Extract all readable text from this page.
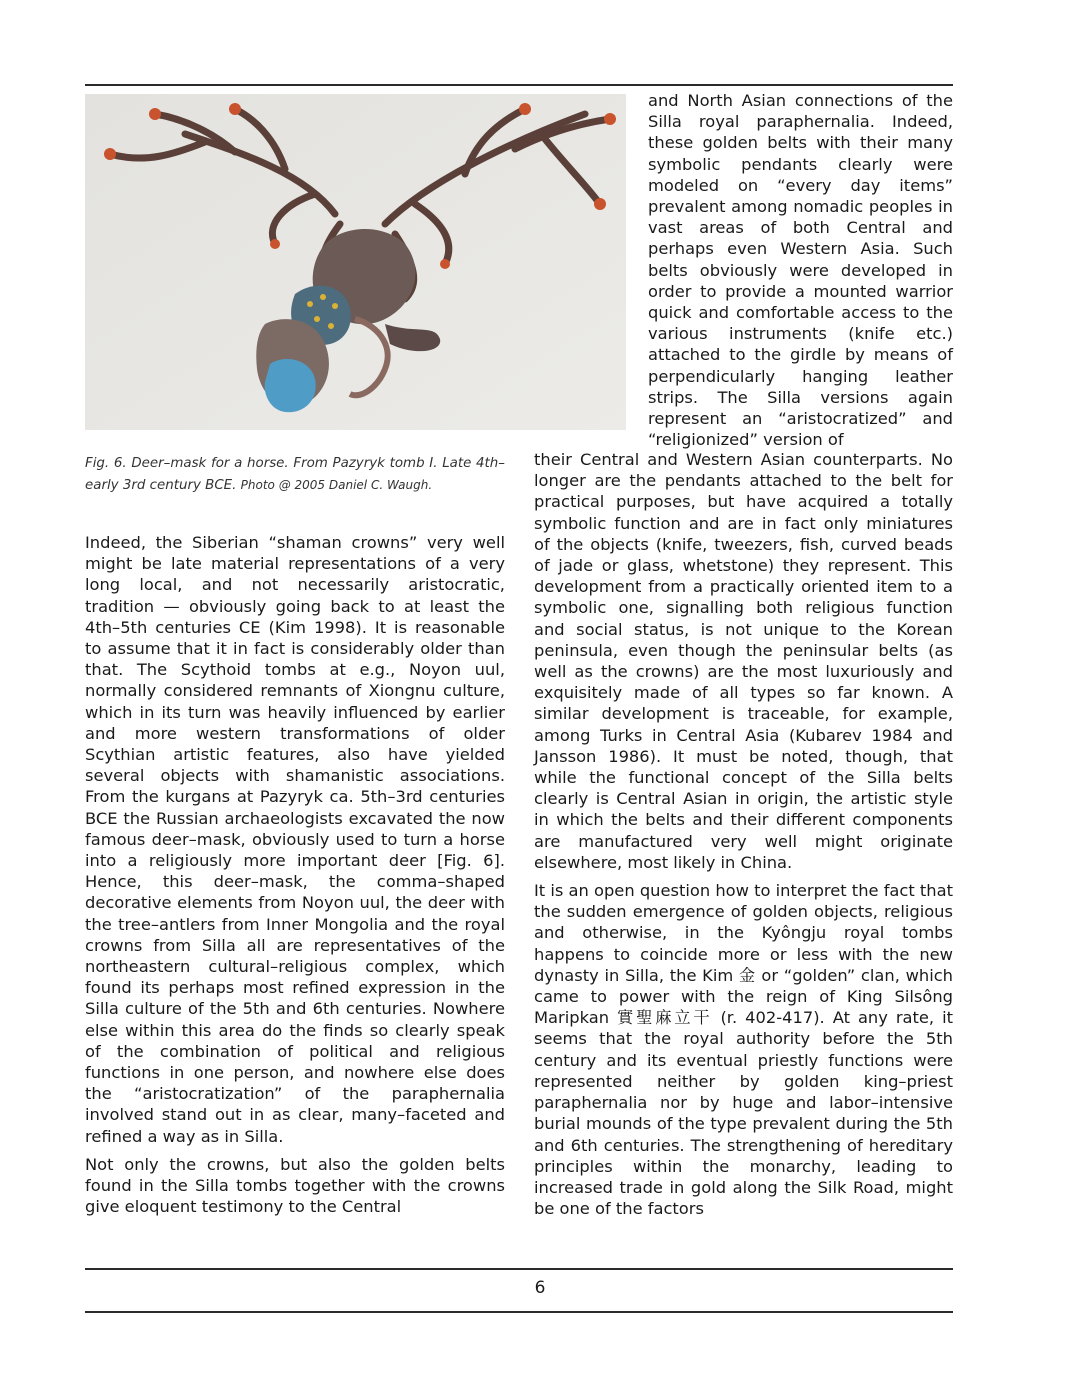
Fig. 6. Deer–mask for a horse. From Pazyryk tomb I. Late 4th–early 3rd century BCE. Photo @ 2005 Daniel C. Waugh.

Indeed, the Siberian “shaman crowns” very well might be late material representations of a very long local, and not necessarily aristocratic, tradition — obviously going back to at least the 4th–5th centuries CE (Kim 1998). It is reasonable to assume that it in fact is considerably older than that. The Scythoid tombs at e.g., Noyon uul, normally considered remnants of Xiongnu culture, which in its turn was heavily influenced by earlier and more western transformations of older Scythian artistic features, also have yielded several objects with shamanistic associations. From the kurgans at Pazyryk ca. 5th–3rd centuries BCE the Russian archaeologists excavated the now famous deer–mask, obviously used to turn a horse into a religiously more important deer [Fig. 6]. Hence, this deer–mask, the comma–shaped decorative elements from Noyon uul, the deer with the tree–antlers from Inner Mongolia and the royal crowns from Silla all are representatives of the northeastern cultural–religious complex, which found its perhaps most refined expression in the Silla culture of the 5th and 6th centuries. Nowhere else within this area do the finds so clearly speak of the combination of political and religious functions in one person, and nowhere else does the “aristocratization” of the paraphernalia involved stand out in as clear, many–faceted and refined a way as in Silla.

Not only the crowns, but also the golden belts found in the Silla tombs together with the crowns give eloquent testimony to the Central

and North Asian connections of the Silla royal paraphernalia. Indeed, these golden belts with their many symbolic pendants clearly were modeled on “every day items” prevalent among nomadic peoples in vast areas of both Central and perhaps even Western Asia. Such belts obviously were developed in order to provide a mounted warrior quick and comfortable access to the various instruments (knife etc.) attached to the girdle by means of perpendicularly hanging leather strips. The Silla versions again represent an “aristocratized” and “religionized” version of

their Central and Western Asian counterparts. No longer are the pendants attached to the belt for practical purposes, but have acquired a totally symbolic function and are in fact only miniatures of the objects (knife, tweezers, fish, curved beads of jade or glass, whetstone) they represent. This development from a practically oriented item to a symbolic one, signalling both religious function and social status, is not unique to the Korean peninsula, even though the peninsular belts (as well as the crowns) are the most luxuriously and exquisitely made of all types so far known. A similar development is traceable, for example, among Turks in Central Asia (Kubarev 1984 and Jansson 1986). It must be noted, though, that while the functional concept of the Silla belts clearly is Central Asian in origin, the artistic style in which the belts and their different components are manufactured very well might originate elsewhere, most likely in China.

It is an open question how to interpret the fact that the sudden emergence of golden objects, religious and otherwise, in the Kyôngju royal tombs happens to coincide more or less with the new dynasty in Silla, the Kim 金 or “golden” clan, which came to power with the reign of King Silsông Maripkan 實聖麻立干 (r. 402-417). At any rate, it seems that the royal authority before the 5th century and its eventual priestly functions were represented neither by golden king–priest paraphernalia nor by huge and labor–intensive burial mounds of the type prevalent during the 5th and 6th centuries. The strengthening of hereditary principles within the monarchy, leading to increased trade in gold along the Silk Road, might be one of the factors

6
